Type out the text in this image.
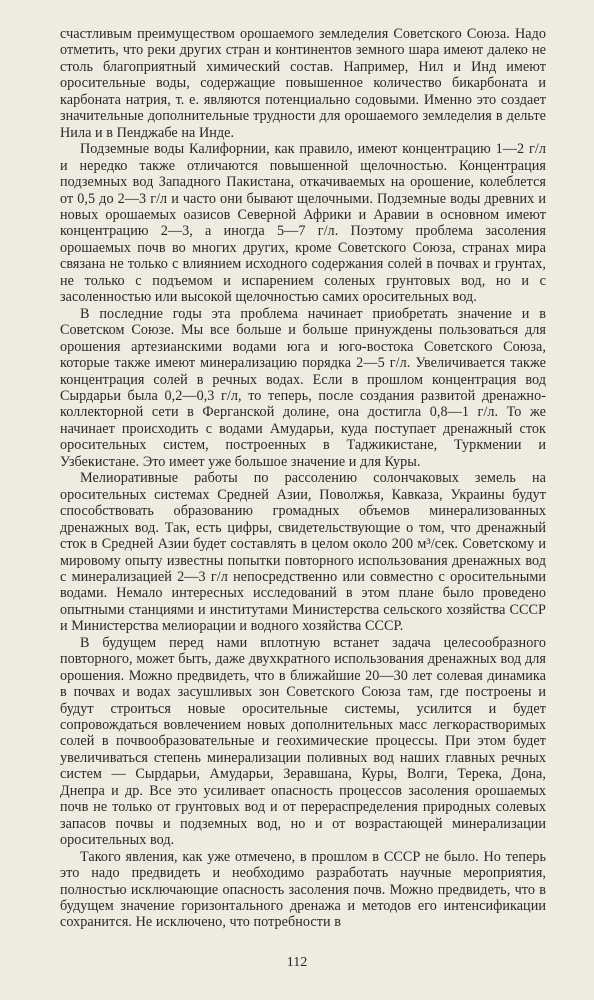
счастливым преимуществом орошаемого земледелия Советского Союза. Надо отметить, что реки других стран и континентов земного шара имеют далеко не столь благоприятный химический состав. Например, Нил и Инд имеют оросительные воды, содержащие повышенное количество бикарбоната и карбоната натрия, т. е. являются потенциально содовыми. Именно это создает значительные дополнительные трудности для орошаемого земледелия в дельте Нила и в Пенджабе на Инде.

Подземные воды Калифорнии, как правило, имеют концентрацию 1—2 г/л и нередко также отличаются повышенной щелочностью. Концентрация подземных вод Западного Пакистана, откачиваемых на орошение, колеблется от 0,5 до 2—3 г/л и часто они бывают щелочными. Подземные воды древних и новых орошаемых оазисов Северной Африки и Аравии в основном имеют концентрацию 2—3, а иногда 5—7 г/л. Поэтому проблема засоления орошаемых почв во многих других, кроме Советского Союза, странах мира связана не только с влиянием исходного содержания солей в почвах и грунтах, не только с подъемом и испарением соленых грунтовых вод, но и с засоленностью или высокой щелочностью самих оросительных вод.

В последние годы эта проблема начинает приобретать значение и в Советском Союзе. Мы все больше и больше принуждены пользоваться для орошения артезианскими водами юга и юго-востока Советского Союза, которые также имеют минерализацию порядка 2—5 г/л. Увеличивается также концентрация солей в речных водах. Если в прошлом концентрация вод Сырдарьи была 0,2—0,3 г/л, то теперь, после создания развитой дренажно-коллекторной сети в Ферганской долине, она достигла 0,8—1 г/л. То же начинает происходить с водами Амударьи, куда поступает дренажный сток оросительных систем, построенных в Таджикистане, Туркмении и Узбекистане. Это имеет уже большое значение и для Куры.

Мелиоративные работы по рассолению солончаковых земель на оросительных системах Средней Азии, Поволжья, Кавказа, Украины будут способствовать образованию громадных объемов минерализованных дренажных вод. Так, есть цифры, свидетельствующие о том, что дренажный сток в Средней Азии будет составлять в целом около 200 м³/сек. Советскому и мировому опыту известны попытки повторного использования дренажных вод с минерализацией 2—3 г/л непосредственно или совместно с оросительными водами. Немало интересных исследований в этом плане было проведено опытными станциями и институтами Министерства сельского хозяйства СССР и Министерства мелиорации и водного хозяйства СССР.

В будущем перед нами вплотную встанет задача целесообразного повторного, может быть, даже двухкратного использования дренажных вод для орошения. Можно предвидеть, что в ближайшие 20—30 лет солевая динамика в почвах и водах засушливых зон Советского Союза там, где построены и будут строиться новые оросительные системы, усилится и будет сопровождаться вовлечением новых дополнительных масс легкорастворимых солей в почвообразовательные и геохимические процессы. При этом будет увеличиваться степень минерализации поливных вод наших главных речных систем — Сырдарьи, Амударьи, Зеравшана, Куры, Волги, Терека, Дона, Днепра и др. Все это усиливает опасность процессов засоления орошаемых почв не только от грунтовых вод и от перераспределения природных солевых запасов почвы и подземных вод, но и от возрастающей минерализации оросительных вод.

Такого явления, как уже отмечено, в прошлом в СССР не было. Но теперь это надо предвидеть и необходимо разработать научные мероприятия, полностью исключающие опасность засоления почв. Можно предвидеть, что в будущем значение горизонтального дренажа и методов его интенсификации сохранится. Не исключено, что потребности в

112
